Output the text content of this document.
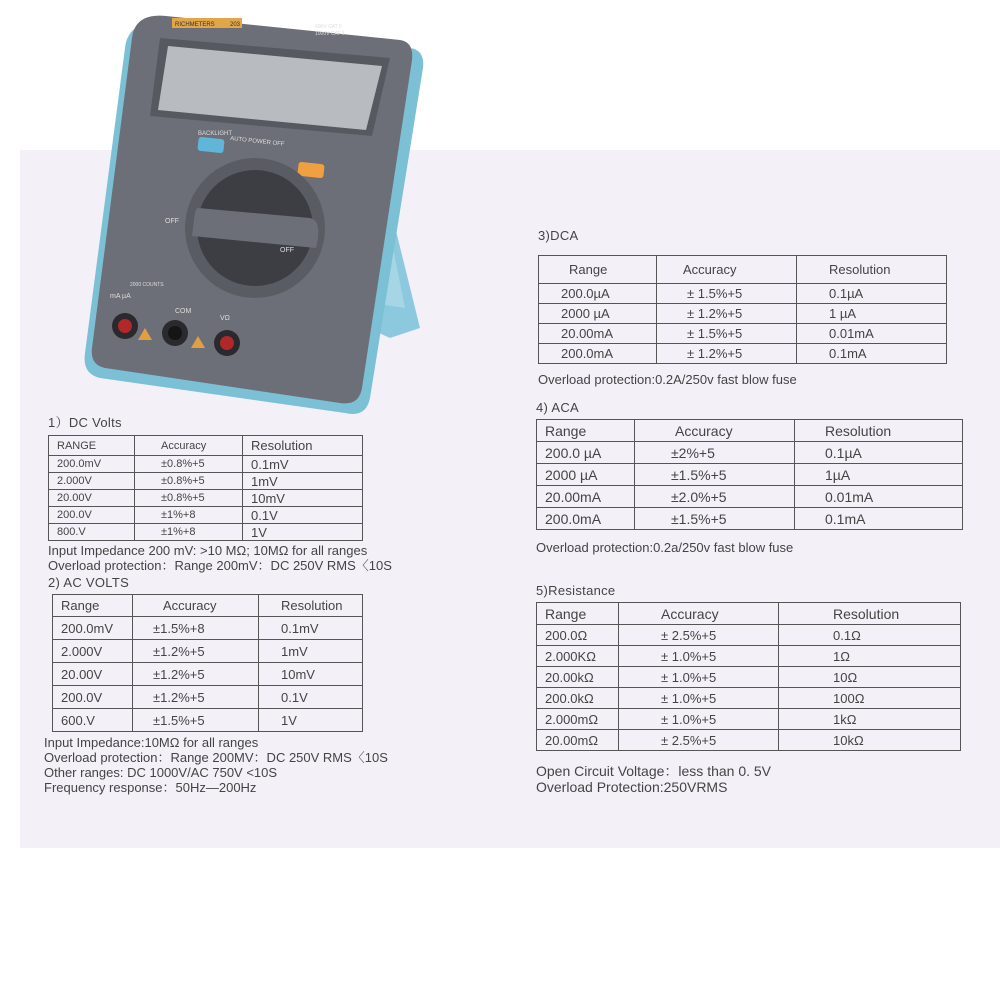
RICHMETERS	203	600V CAT II
1000V CAT II
BACKLIGHT
AUTO POWER OFF
OFF
OFF
2000 COUNTS
mA µA
COM
VΩ
1）DC Volts
RANGE	Accuracy	Resolution
200.0mV	±0.8%+5	0.1mV
2.000V	±0.8%+5	1mV
20.00V	±0.8%+5	10mV
200.0V	±1%+8	0.1V
800.V	±1%+8	1V
Input Impedance 200 mV: >10 MΩ; 10MΩ for all ranges
Overload protection：Range 200mV：DC 250V RMS〈10S
2) AC VOLTS
Range	Accuracy	Resolution
200.0mV	±1.5%+8	0.1mV
2.000V	±1.2%+5	1mV
20.00V	±1.2%+5	10mV
200.0V	±1.2%+5	0.1V
600.V	±1.5%+5	1V
Input Impedance:10MΩ for all ranges
Overload protection：Range 200MV：DC 250V RMS〈10S
Other ranges: DC 1000V/AC 750V <10S
Frequency response：50Hz—200Hz
3)DCA
Range	Accuracy	Resolution
200.0µA	± 1.5%+5	0.1µA
2000 µA	± 1.2%+5	1 µA
20.00mA	± 1.5%+5	0.01mA
200.0mA	± 1.2%+5	0.1mA
Overload protection:0.2A/250v fast blow fuse
4) ACA
Range	Accuracy	Resolution
200.0 µA	±2%+5	0.1µA
2000 µA	±1.5%+5	1µA
20.00mA	±2.0%+5	0.01mA
200.0mA	±1.5%+5	0.1mA
Overload protection:0.2a/250v fast blow fuse
5)Resistance
Range	Accuracy	Resolution
200.0Ω	± 2.5%+5	0.1Ω
2.000KΩ	± 1.0%+5	1Ω
20.00kΩ	± 1.0%+5	10Ω
200.0kΩ	± 1.0%+5	100Ω
2.000mΩ	± 1.0%+5	1kΩ
20.00mΩ	± 2.5%+5	10kΩ
Open Circuit Voltage：less than 0. 5V
Overload Protection:250VRMS
